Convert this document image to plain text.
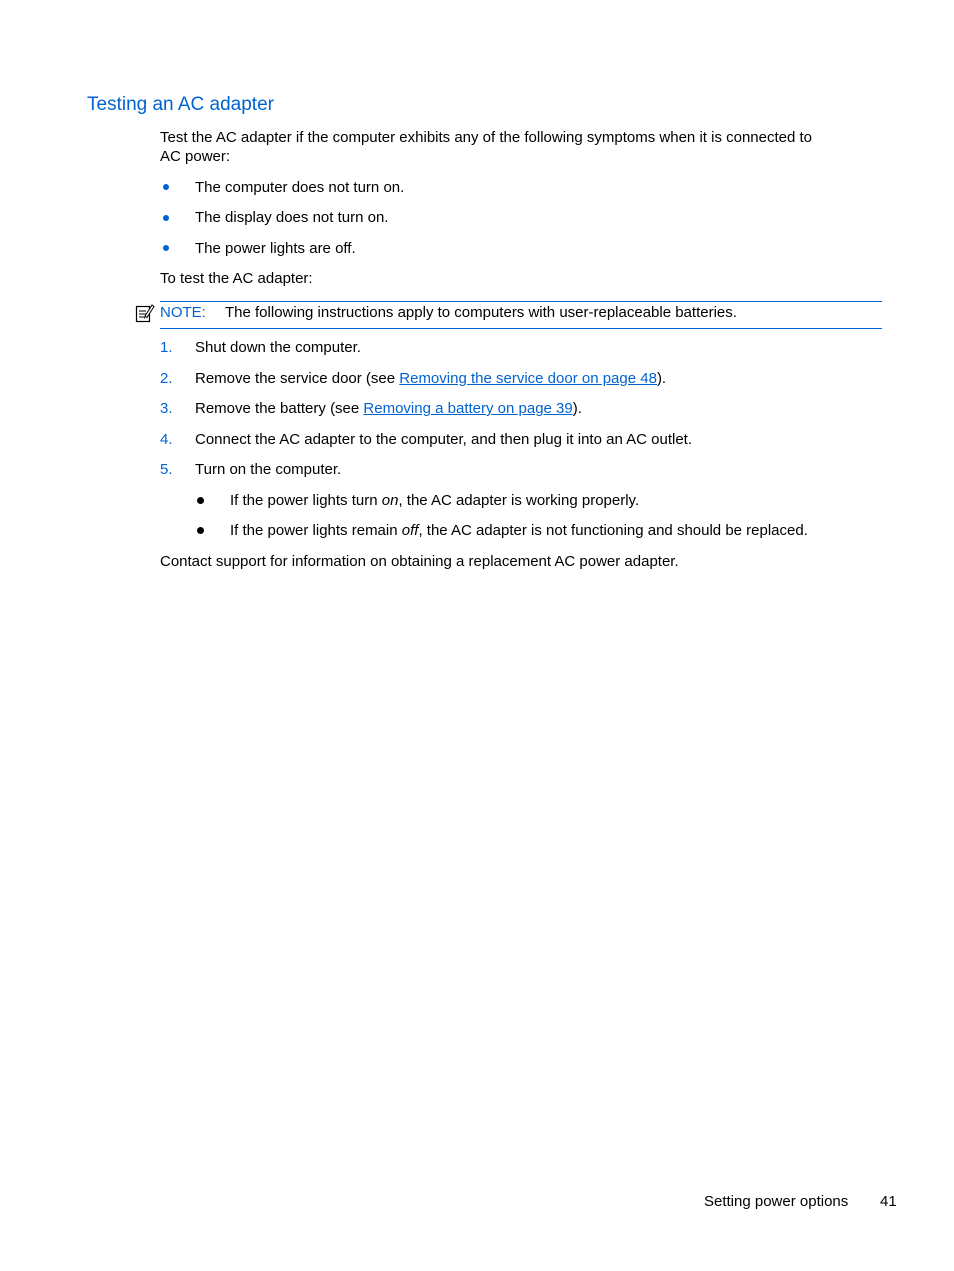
Testing an AC adapter
Test the AC adapter if the computer exhibits any of the following symptoms when it is connected to
AC power:
The computer does not turn on.
The display does not turn on.
The power lights are off.
To test the AC adapter:
NOTE: The following instructions apply to computers with user-replaceable batteries.
1. Shut down the computer.
2. Remove the service door (see Removing the service door on page 48).
3. Remove the battery (see Removing a battery on page 39).
4. Connect the AC adapter to the computer, and then plug it into an AC outlet.
5. Turn on the computer.
If the power lights turn on, the AC adapter is working properly.
If the power lights remain off, the AC adapter is not functioning and should be replaced.
Contact support for information on obtaining a replacement AC power adapter.
Setting power options 41
